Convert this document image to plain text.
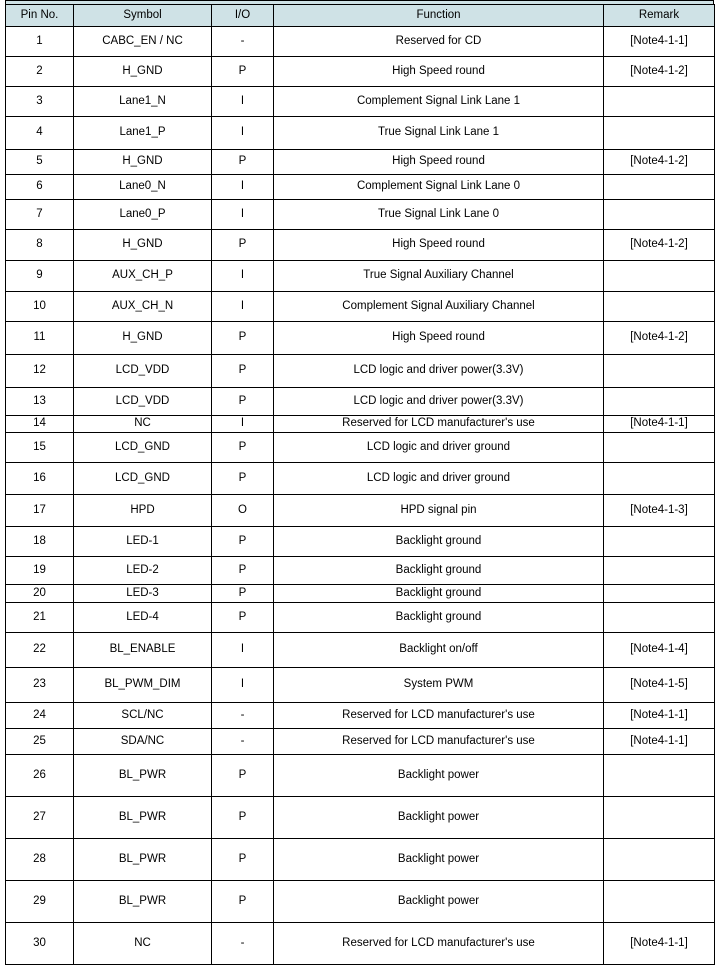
Pin No.	Symbol	I/O	Function	Remark
1	CABC_EN / NC	-	Reserved for CD	[Note4-1-1]
2	H_GND	P	High Speed round	[Note4-1-2]
3	Lane1_N	I	Complement Signal Link Lane 1	
4	Lane1_P	I	True Signal Link Lane 1	
5	H_GND	P	High Speed round	[Note4-1-2]
6	Lane0_N	I	Complement Signal Link Lane 0	
7	Lane0_P	I	True Signal Link Lane 0	
8	H_GND	P	High Speed round	[Note4-1-2]
9	AUX_CH_P	I	True Signal Auxiliary Channel	
10	AUX_CH_N	I	Complement Signal Auxiliary Channel	
11	H_GND	P	High Speed round	[Note4-1-2]
12	LCD_VDD	P	LCD logic and driver power(3.3V)	
13	LCD_VDD	P	LCD logic and driver power(3.3V)	
14	NC	I	Reserved for LCD manufacturer's use	[Note4-1-1]
15	LCD_GND	P	LCD logic and driver ground	
16	LCD_GND	P	LCD logic and driver ground	
17	HPD	O	HPD signal pin	[Note4-1-3]
18	LED-1	P	Backlight ground	
19	LED-2	P	Backlight ground	
20	LED-3	P	Backlight ground	
21	LED-4	P	Backlight ground	
22	BL_ENABLE	I	Backlight on/off	[Note4-1-4]
23	BL_PWM_DIM	I	System PWM	[Note4-1-5]
24	SCL/NC	-	Reserved for LCD manufacturer's use	[Note4-1-1]
25	SDA/NC	-	Reserved for LCD manufacturer's use	[Note4-1-1]
26	BL_PWR	P	Backlight power	
27	BL_PWR	P	Backlight power	
28	BL_PWR	P	Backlight power	
29	BL_PWR	P	Backlight power	
30	NC	-	Reserved for LCD manufacturer's use	[Note4-1-1]
